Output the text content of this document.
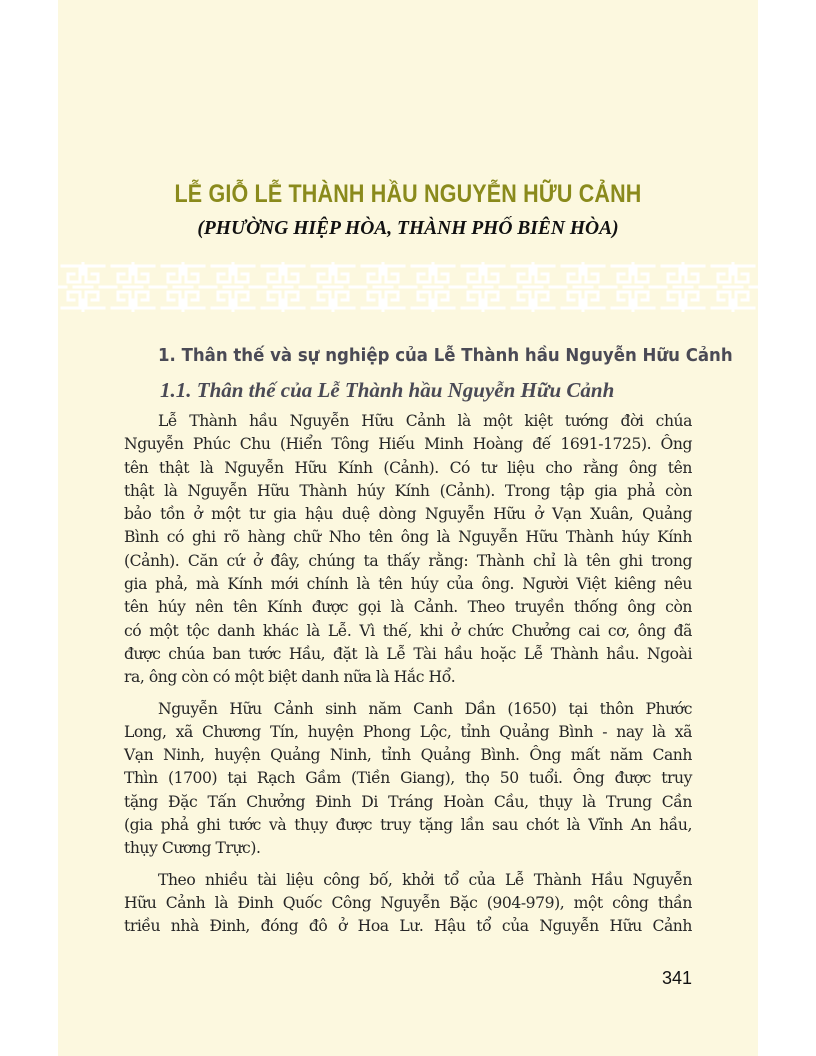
LỄ GIỖ LỄ THÀNH HẦU NGUYỄN HỮU CẢNH
(PHƯỜNG HIỆP HÒA, THÀNH PHỐ BIÊN HÒA)
1. Thân thế và sự nghiệp của Lễ Thành hầu Nguyễn Hữu Cảnh
1.1. Thân thế của Lễ Thành hầu Nguyễn Hữu Cảnh
Lễ Thành hầu Nguyễn Hữu Cảnh là một kiệt tướng đời chúa
Nguyễn Phúc Chu (Hiển Tông Hiếu Minh Hoàng đế 1691-1725). Ông
tên thật là Nguyễn Hữu Kính (Cảnh). Có tư liệu cho rằng ông tên
thật là Nguyễn Hữu Thành húy Kính (Cảnh). Trong tập gia phả còn
bảo tồn ở một tư gia hậu duệ dòng Nguyễn Hữu ở Vạn Xuân, Quảng
Bình có ghi rõ hàng chữ Nho tên ông là Nguyễn Hữu Thành húy Kính
(Cảnh). Căn cứ ở đây, chúng ta thấy rằng: Thành chỉ là tên ghi trong
gia phả, mà Kính mới chính là tên húy của ông. Người Việt kiêng nêu
tên húy nên tên Kính được gọi là Cảnh. Theo truyền thống ông còn
có một tộc danh khác là Lễ. Vì thế, khi ở chức Chưởng cai cơ, ông đã
được chúa ban tước Hầu, đặt là Lễ Tài hầu hoặc Lễ Thành hầu. Ngoài
ra, ông còn có một biệt danh nữa là Hắc Hổ.
Nguyễn Hữu Cảnh sinh năm Canh Dần (1650) tại thôn Phước
Long, xã Chương Tín, huyện Phong Lộc, tỉnh Quảng Bình - nay là xã
Vạn Ninh, huyện Quảng Ninh, tỉnh Quảng Bình. Ông mất năm Canh
Thìn (1700) tại Rạch Gầm (Tiền Giang), thọ 50 tuổi. Ông được truy
tặng Đặc Tấn Chưởng Đinh Di Tráng Hoàn Cầu, thụy là Trung Cần
(gia phả ghi tước và thụy được truy tặng lần sau chót là Vĩnh An hầu,
thụy Cương Trực).
Theo nhiều tài liệu công bố, khởi tổ của Lễ Thành Hầu Nguyễn
Hữu Cảnh là Đinh Quốc Công Nguyễn Bặc (904-979), một công thần
triều nhà Đinh, đóng đô ở Hoa Lư. Hậu tổ của Nguyễn Hữu Cảnh
341
